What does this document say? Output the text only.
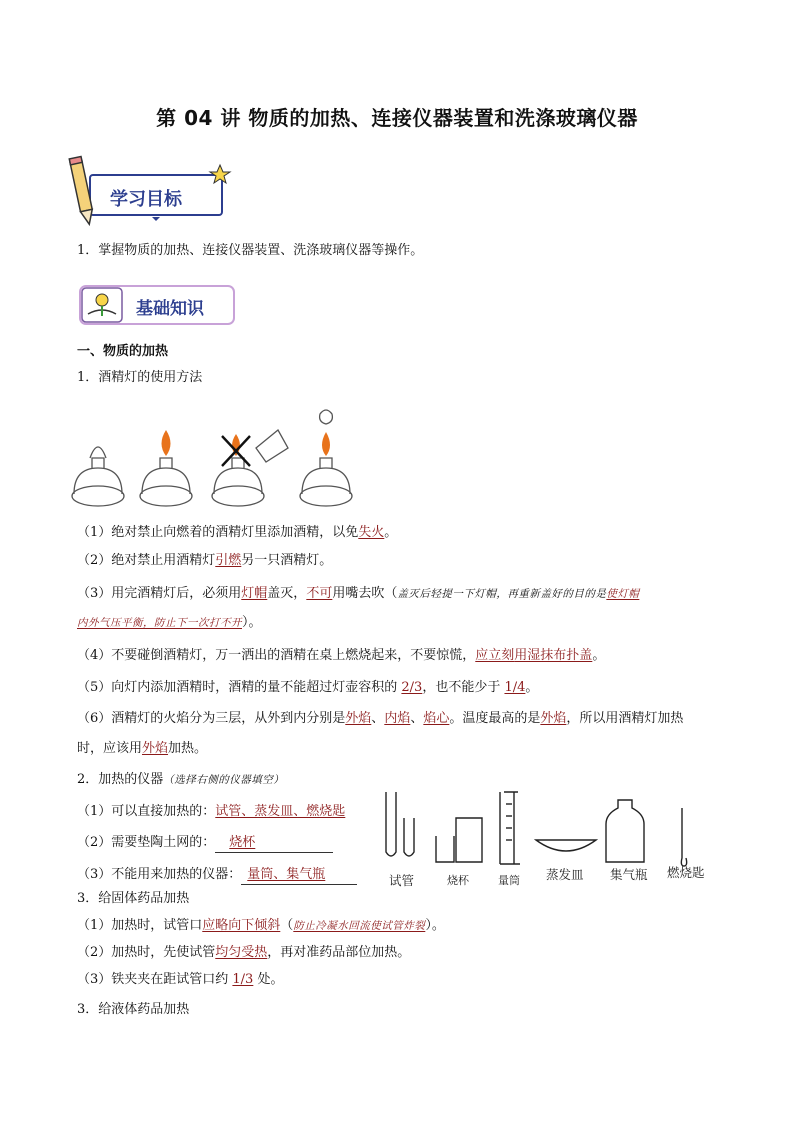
第 04 讲 物质的加热、连接仪器装置和洗涤玻璃仪器
学习目标
1．掌握物质的加热、连接仪器装置、洗涤玻璃仪器等操作。
基础知识
一、物质的加热
1．酒精灯的使用方法
（1）绝对禁止向燃着的酒精灯里添加酒精，以免失火。
（2）绝对禁止用酒精灯引燃另一只酒精灯。
（3）用完酒精灯后，必须用灯帽盖灭，不可用嘴去吹（盖灭后轻提一下灯帽，再重新盖好的目的是使灯帽
内外气压平衡，防止下一次打不开）。
（4）不要碰倒酒精灯，万一洒出的酒精在桌上燃烧起来，不要惊慌，应立刻用湿抹布扑盖。
（5）向灯内添加酒精时，酒精的量不能超过灯壶容积的 2/3，也不能少于 1/4。
（6）酒精灯的火焰分为三层，从外到内分别是外焰、内焰、焰心。温度最高的是外焰，所以用酒精灯加热
时，应该用外焰加热。
2．加热的仪器（选择右侧的仪器填空）
（1）可以直接加热的：试管、蒸发皿、燃烧匙
（2）需要垫陶土网的： 烧杯
（3）不能用来加热的仪器： 量筒、集气瓶	试管	烧杯	量筒 蒸发皿 集气瓶 燃烧匙
3．给固体药品加热
（1）加热时，试管口应略向下倾斜（防止冷凝水回流使试管炸裂）。
（2）加热时，先使试管均匀受热，再对准药品部位加热。
（3）铁夹夹在距试管口约 1/3 处。
3．给液体药品加热
